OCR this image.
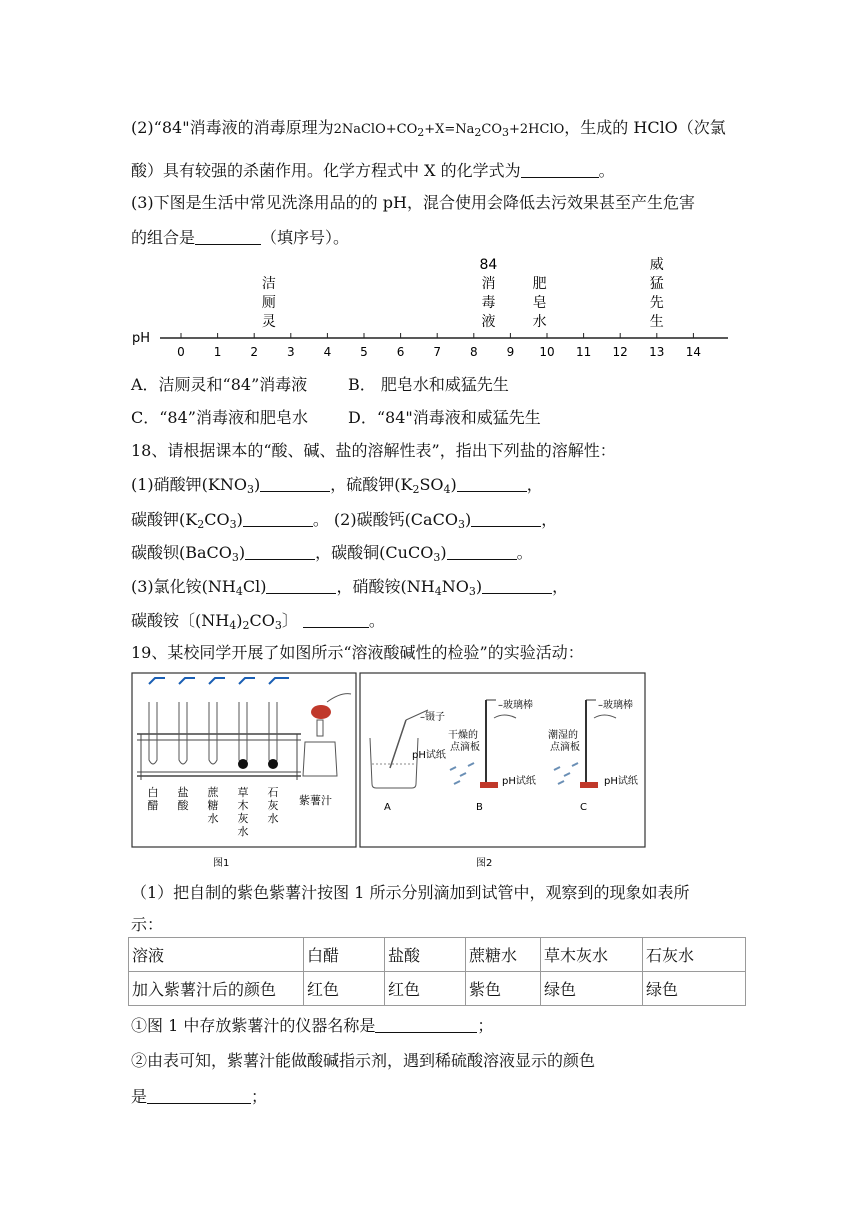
(2)“84"消毒液的消毒原理为$2NaClO+CO_2+X=Na_2CO_3+2HClO$，生成的 HClO（次氯
酸）具有较强的杀菌作用。化学方程式中 X 的化学式为	。
(3)下图是生活中常见洗涤用品的的 pH，混合使用会降低去污效果甚至产生危害
的组合是	（填序号）。
pH
0 1 2 3 4 5 6 7 8 9 10 11 12 13 14
洁
厕
灵
84
消
毒
液
肥
皂
水
威
猛
先
生
A．洁厕灵和“84”消毒液	B． 肥皂水和威猛先生
C．“84”消毒液和肥皂水	D．“84"消毒液和威猛先生
18、请根据课本的“酸、碱、盐的溶解性表”，指出下列盐的溶解性：
(1)硝酸钾$(KNO_3)$	，硫酸钾$(K_2SO_4)$	，
碳酸钾$(K_2CO_3)$	。 (2)碳酸钙(CaCO$_3$)	，
碳酸钡(BaCO$_3$)	，碳酸铜(CuCO$_3$)	。
(3)氯化铵$(NH_4Cl)$	，硝酸铵$(NH_4NO_3)$	，
碳酸铵〔$(NH_4)_2CO_3$〕	。
19、某校同学开展了如图所示“溶液酸碱性的检验”的实验活动：
白
醋
盐
酸
蔗
糖
水
草
木
灰
水
石
灰
水
紫薯汁
图1
–镊子
pH试纸
A
–玻璃棒
干燥的
点滴板
pH试纸
B
–玻璃棒
潮湿的
点滴板
pH试纸
C
图2
（1）把自制的紫色紫薯汁按图 1 所示分别滴加到试管中，观察到的现象如表所
示：
溶液	白醋	盐酸	蔗糖水	草木灰水	石灰水
加入紫薯汁后的颜色	红色	红色	紫色	绿色	绿色
①图 1 中存放紫薯汁的仪器名称是	；
②由表可知，紫薯汁能做酸碱指示剂，遇到稀硫酸溶液显示的颜色
是	；
